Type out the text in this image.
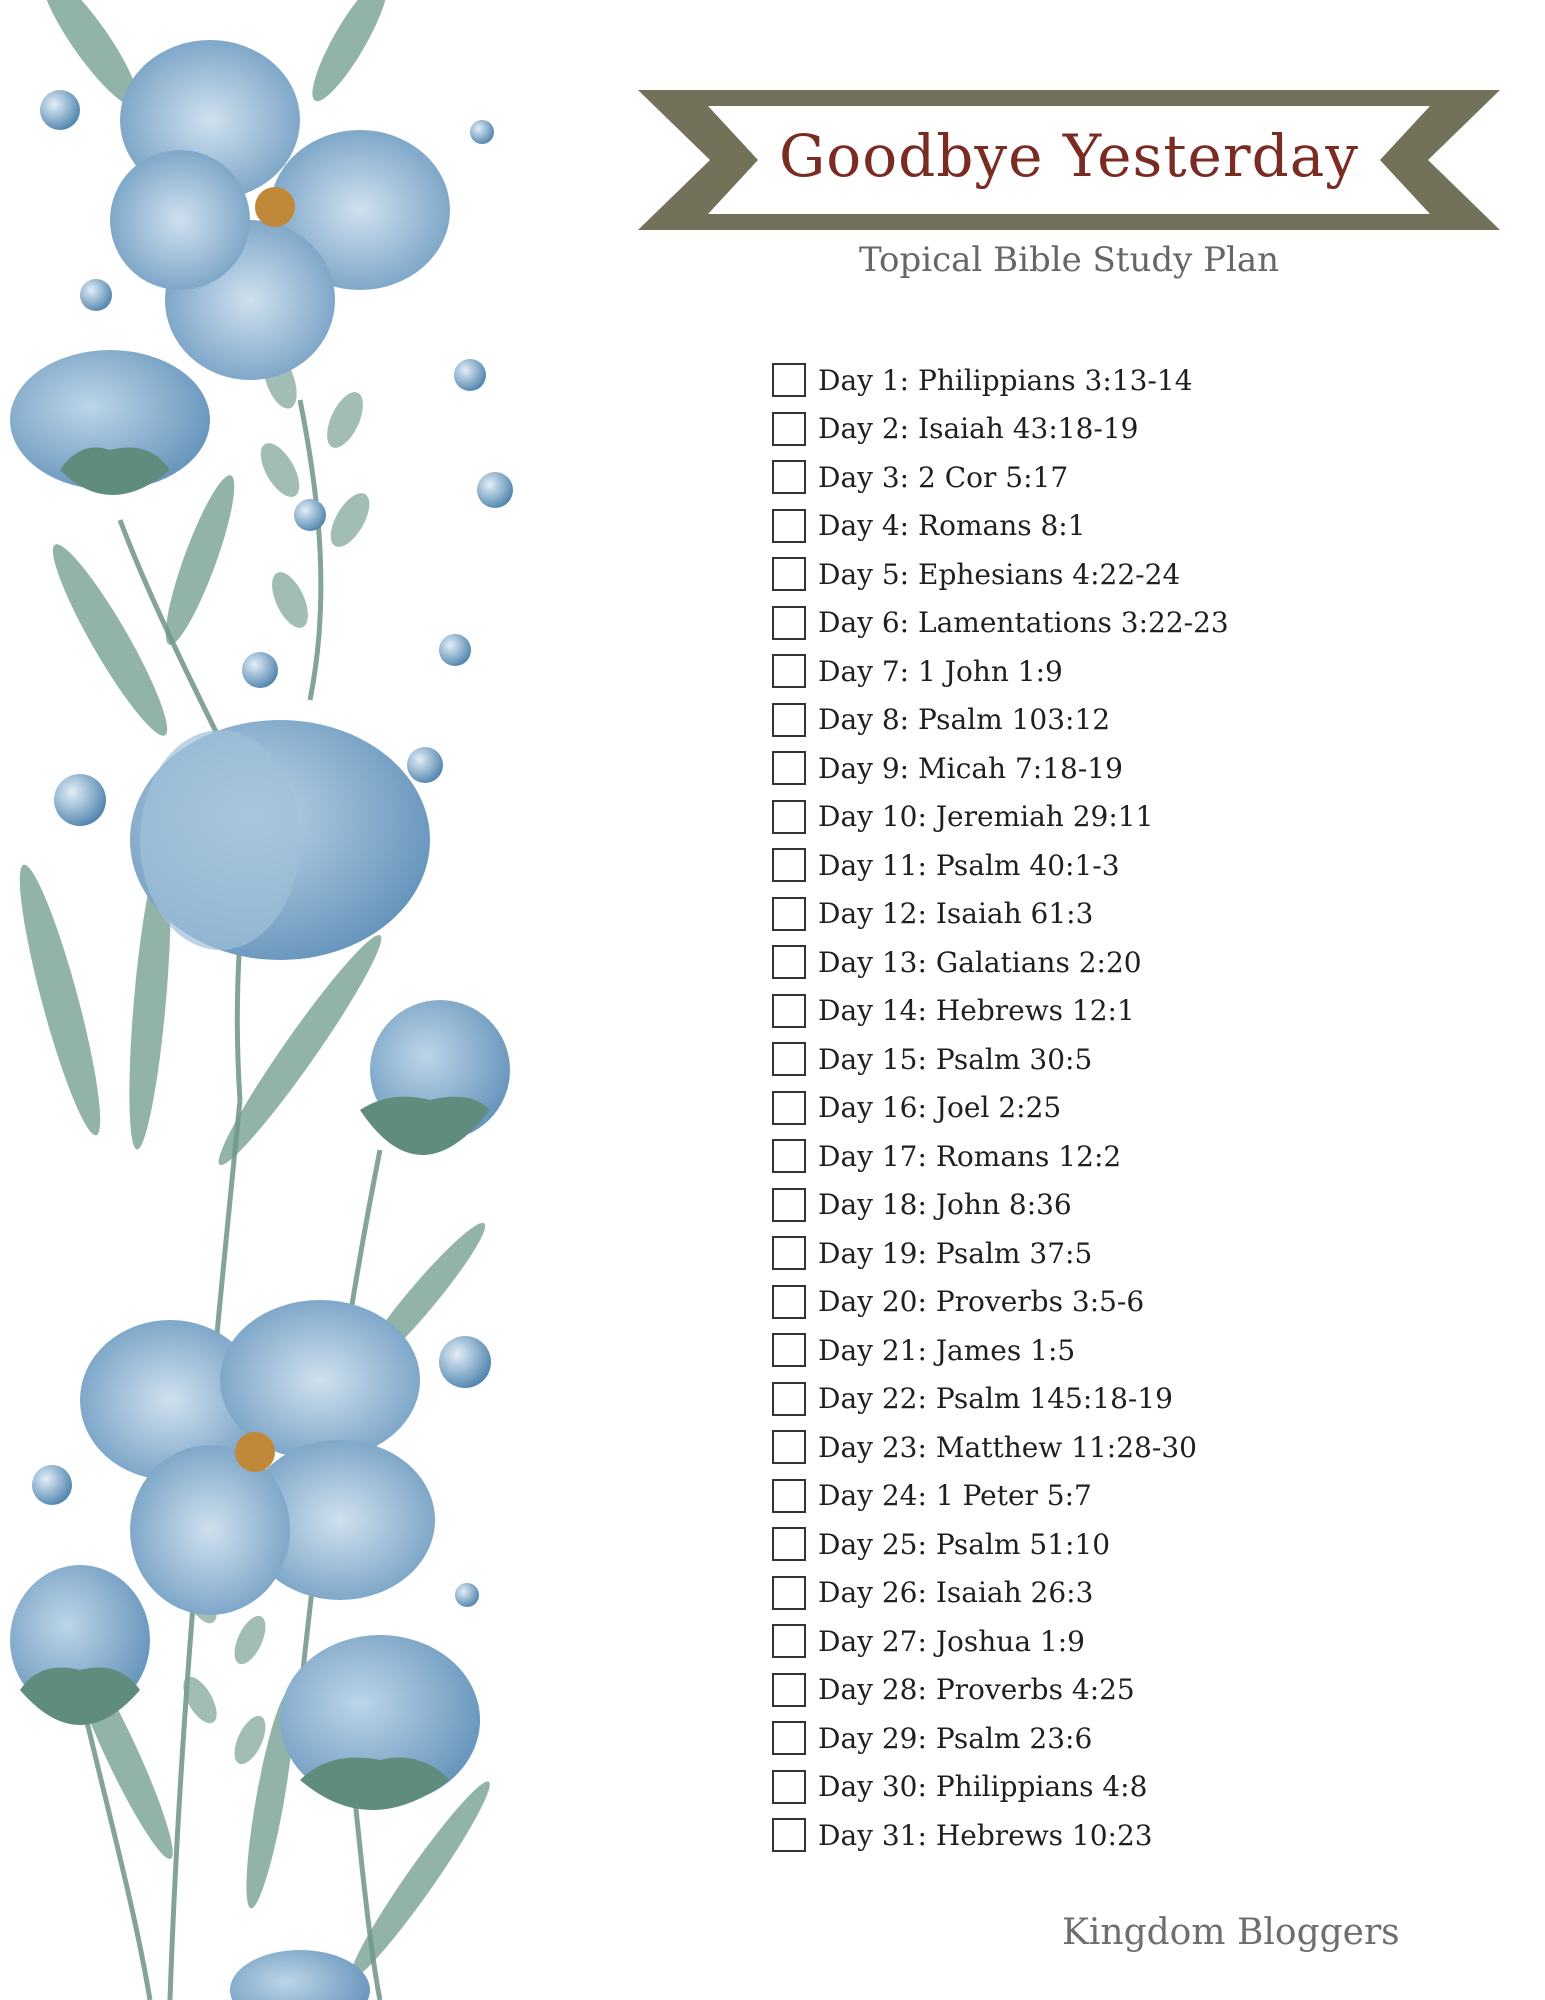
Goodbye Yesterday
Topical Bible Study Plan
Day 1: Philippians 3:13-14
Day 2: Isaiah 43:18-19
Day 3: 2 Cor 5:17
Day 4: Romans 8:1
Day 5: Ephesians 4:22-24
Day 6: Lamentations 3:22-23
Day 7: 1 John 1:9
Day 8: Psalm 103:12
Day 9: Micah 7:18-19
Day 10: Jeremiah 29:11
Day 11: Psalm 40:1-3
Day 12: Isaiah 61:3
Day 13: Galatians 2:20
Day 14: Hebrews 12:1
Day 15: Psalm 30:5
Day 16: Joel 2:25
Day 17: Romans 12:2
Day 18: John 8:36
Day 19: Psalm 37:5
Day 20: Proverbs 3:5-6
Day 21: James 1:5
Day 22: Psalm 145:18-19
Day 23: Matthew 11:28-30
Day 24: 1 Peter 5:7
Day 25: Psalm 51:10
Day 26: Isaiah 26:3
Day 27: Joshua 1:9
Day 28: Proverbs 4:25
Day 29: Psalm 23:6
Day 30: Philippians 4:8
Day 31: Hebrews 10:23
Kingdom Bloggers
